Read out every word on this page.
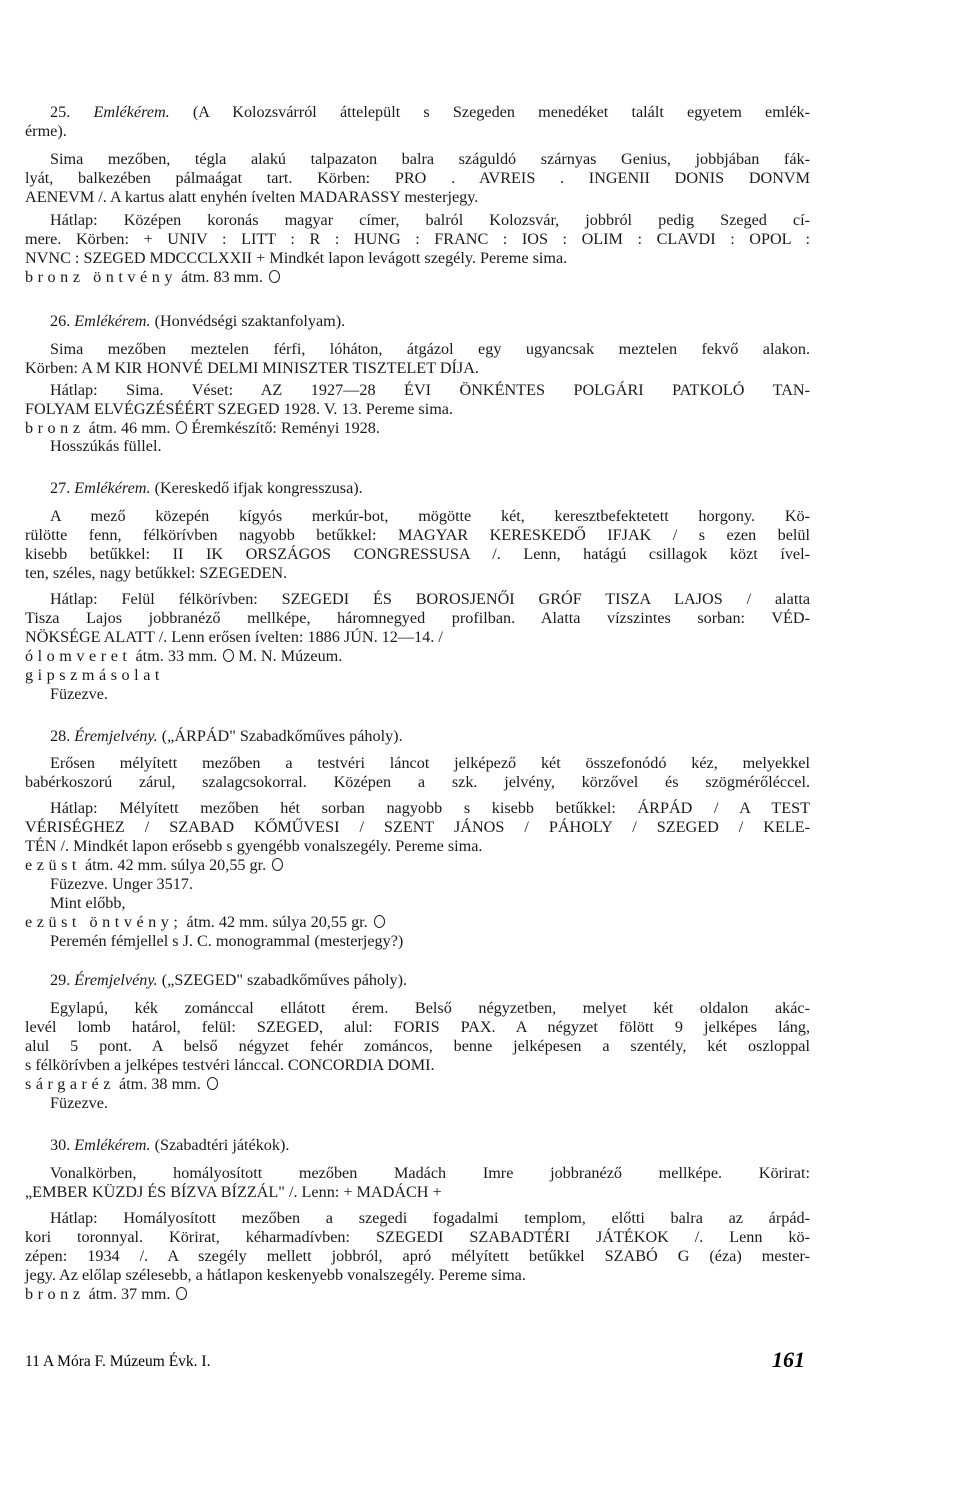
25. Emlékérem. (A Kolozsvárról áttelepült s Szegeden menedéket talált egyetem emlék-
érme).
Sima mezőben, tégla alakú talpazaton balra száguldó szárnyas Genius, jobbjában fák-
lyát, balkezében pálmaágat tart. Körben: PRO . AVREIS . INGENII DONIS DONVM
AENEVM /. A kartus alatt enyhén ívelten MADARASSY mesterjegy.
Hátlap: Középen koronás magyar címer, balról Kolozsvár, jobbról pedig Szeged cí-
mere. Körben: + UNIV : LITT : R : HUNG : FRANC : IOS : OLIM : CLAVDI : OPOL :
NVNC : SZEGED MDCCCLXXII + Mindkét lapon levágott szegély. Pereme sima.
bronz öntvény átm. 83 mm.
26. Emlékérem. (Honvédségi szaktanfolyam).
Sima mezőben meztelen férfi, lóháton, átgázol egy ugyancsak meztelen fekvő alakon.
Körben: A M KIR HONVÉ DELMI MINISZTER TISZTELET DÍJA.
Hátlap: Sima. Véset: AZ 1927—28 ÉVI ÖNKÉNTES POLGÁRI PATKOLÓ TAN-
FOLYAM ELVÉGZÉSÉÉRT SZEGED 1928. V. 13. Pereme sima.
bronz átm. 46 mm.  Éremkészítő: Reményi 1928.
Hosszúkás füllel.
27. Emlékérem. (Kereskedő ifjak kongresszusa).
A mező közepén kígyós merkúr-bot, mögötte két, keresztbefektetett horgony. Kö-
rülötte fenn, félkörívben nagyobb betűkkel: MAGYAR KERESKEDŐ IFJAK / s ezen belül
kisebb betűkkel: II IK ORSZÁGOS CONGRESSUSA /. Lenn, hatágú csillagok közt ível-
ten, széles, nagy betűkkel: SZEGEDEN.
Hátlap: Felül félkörívben: SZEGEDI ÉS BOROSJENŐI GRÓF TISZA LAJOS / alatta
Tisza Lajos jobbranéző mellképe, háromnegyed profilban. Alatta vízszintes sorban: VÉD-
NÖKSÉGE ALATT /. Lenn erősen ívelten: 1886 JÚN. 12—14. /
ólomveret átm. 33 mm.  M. N. Múzeum.
gipszmásolat
Füzezve.
28. Éremjelvény. („ÁRPÁD" Szabadkőműves páholy).
Erősen mélyített mezőben a testvéri láncot jelképező két összefonódó kéz, melyekkel
babérkoszorú zárul, szalagcsokorral. Középen a szk. jelvény, körzővel és szögmérőléccel.
Hátlap: Mélyített mezőben hét sorban nagyobb s kisebb betűkkel: ÁRPÁD / A TEST
VÉRISÉGHEZ / SZABAD KŐMŰVESI / SZENT JÁNOS / PÁHOLY / SZEGED / KELE-
TÉN /. Mindkét lapon erősebb s gyengébb vonalszegély. Pereme sima.
ezüst átm. 42 mm. súlya 20,55 gr.
Füzezve. Unger 3517.
Mint előbb,
ezüst öntvény; átm. 42 mm. súlya 20,55 gr.
Peremén fémjellel s J. C. monogrammal (mesterjegy?)
29. Éremjelvény. („SZEGED" szabadkőműves páholy).
Egylapú, kék zománccal ellátott érem. Belső négyzetben, melyet két oldalon akác-
levél lomb határol, felül: SZEGED, alul: FORIS PAX. A négyzet fölött 9 jelképes láng,
alul 5 pont. A belső négyzet fehér zománcos, benne jelképesen a szentély, két oszloppal
s félkörívben a jelképes testvéri lánccal. CONCORDIA DOMI.
sárgaréz átm. 38 mm.
Füzezve.
30. Emlékérem. (Szabadtéri játékok).
Vonalkörben, homályosított mezőben Madách Imre jobbranéző mellképe. Körirat:
„EMBER KÜZDJ ÉS BÍZVA BÍZZÁL" /. Lenn: + MADÁCH +
Hátlap: Homályosított mezőben a szegedi fogadalmi templom, előtti balra az árpád-
kori toronnyal. Körirat, kéharmadívben: SZEGEDI SZABADTÉRI JÁTÉKOK /. Lenn kö-
zépen: 1934 /. A szegély mellett jobbról, apró mélyített betűkkel SZABÓ G (éza) mester-
jegy. Az előlap szélesebb, a hátlapon keskenyebb vonalszegély. Pereme sima.
bronz átm. 37 mm.
11 A Móra F. Múzeum Évk. I.	161
